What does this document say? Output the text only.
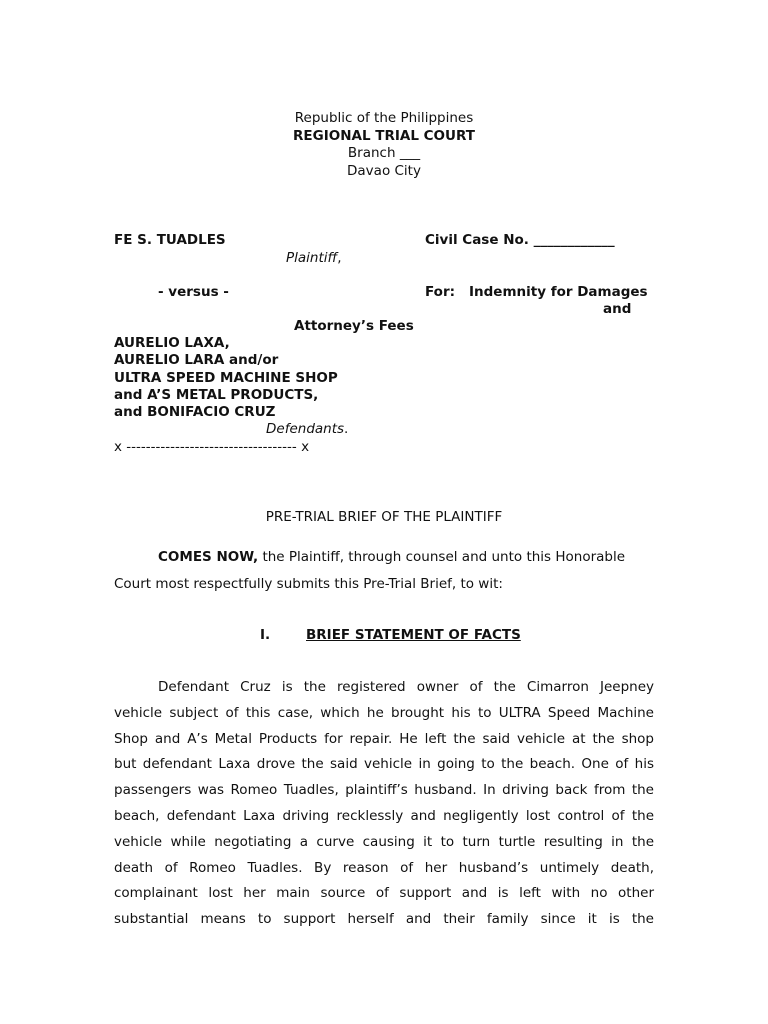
Republic of the Philippines
REGIONAL TRIAL COURT
Branch ___
Davao City
FE S. TUADLES
Plaintiff,
Civil Case No. ____________
- versus -	For: Indemnity for Damages
and
Attorney’s Fees
AURELIO LAXA,
AURELIO LARA and/or
ULTRA SPEED MACHINE SHOP
and A’S METAL PRODUCTS,
and BONIFACIO CRUZ
Defendants.
x ----------------------------------- x
PRE-TRIAL BRIEF OF THE PLAINTIFF
COMES NOW, the Plaintiff, through counsel and unto this Honorable
Court most respectfully submits this Pre-Trial Brief, to wit:
I.	BRIEF STATEMENT OF FACTS
Defendant Cruz is the registered owner of the Cimarron Jeepney
vehicle subject of this case, which he brought his to ULTRA Speed Machine
Shop and A’s Metal Products for repair. He left the said vehicle at the shop
but defendant Laxa drove the said vehicle in going to the beach. One of his
passengers was Romeo Tuadles, plaintiff’s husband. In driving back from the
beach, defendant Laxa driving recklessly and negligently lost control of the
vehicle while negotiating a curve causing it to turn turtle resulting in the
death of Romeo Tuadles. By reason of her husband’s untimely death,
complainant lost her main source of support and is left with no other
substantial means to support herself and their family since it is the
